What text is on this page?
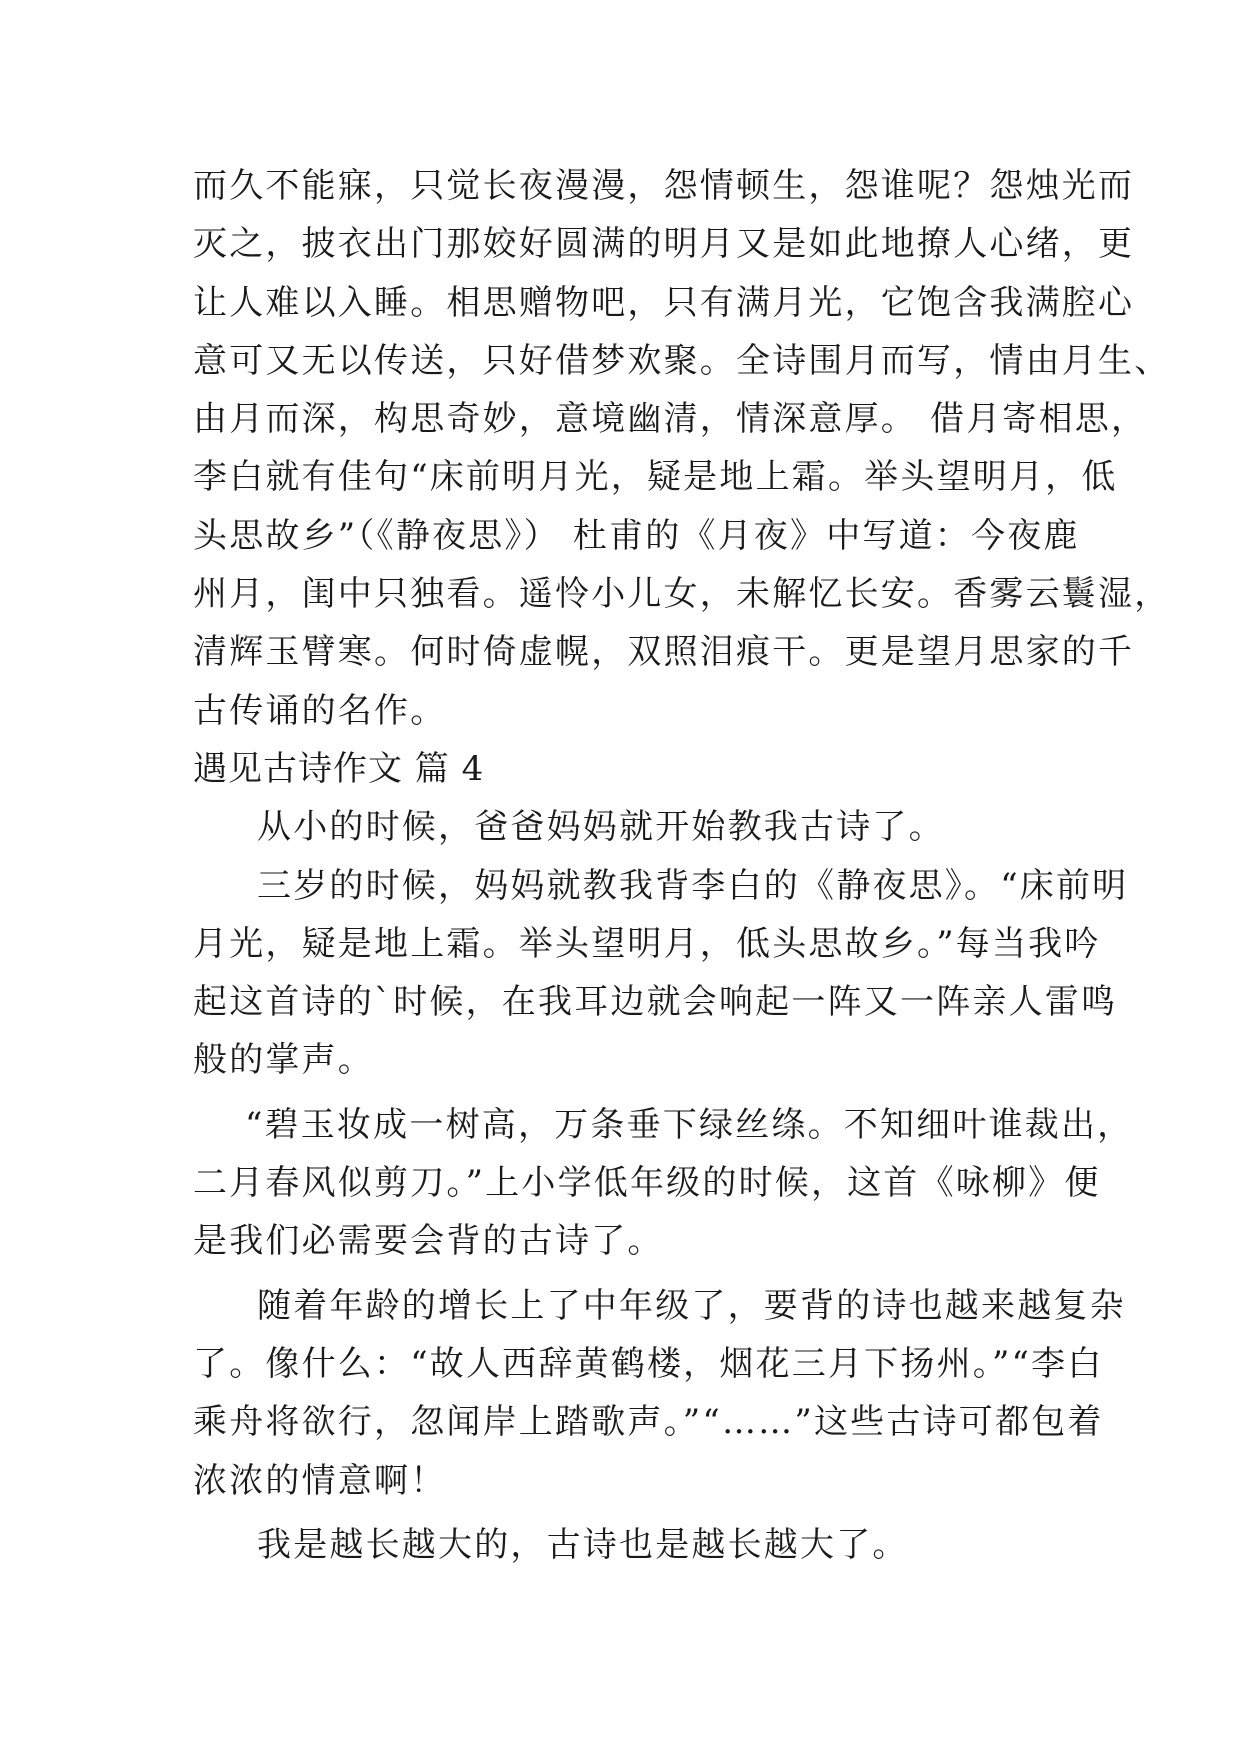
而久不能寐，只觉长夜漫漫，怨情顿生，怨谁呢？怨烛光而
灭之，披衣出门那姣好圆满的明月又是如此地撩人心绪，更
让人难以入睡。相思赠物吧，只有满月光，它饱含我满腔心
意可又无以传送，只好借梦欢聚。全诗围月而写，情由月生、
由月而深，构思奇妙，意境幽清，情深意厚。 借月寄相思，
李白就有佳句“床前明月光，疑是地上霜。举头望明月，低
头思故乡”（《静夜思》） 杜甫的《月夜》中写道：今夜鹿
州月，闺中只独看。遥怜小儿女，未解忆长安。香雾云鬟湿，
清辉玉臂寒。何时倚虚幌，双照泪痕干。更是望月思家的千
古传诵的名作。
遇见古诗作文 篇 4
从小的时候，爸爸妈妈就开始教我古诗了。
三岁的时候，妈妈就教我背李白的《静夜思》。“床前明
月光，疑是地上霜。举头望明月，低头思故乡。”每当我吟
起这首诗的`时候，在我耳边就会响起一阵又一阵亲人雷鸣
般的掌声。
“碧玉妆成一树高，万条垂下绿丝绦。不知细叶谁裁出，
二月春风似剪刀。”上小学低年级的时候，这首《咏柳》便
是我们必需要会背的古诗了。
随着年龄的增长上了中年级了，要背的诗也越来越复杂
了。像什么：“故人西辞黄鹤楼，烟花三月下扬州。”“李白
乘舟将欲行，忽闻岸上踏歌声。”“……”这些古诗可都包着
浓浓的情意啊！
我是越长越大的，古诗也是越长越大了。
